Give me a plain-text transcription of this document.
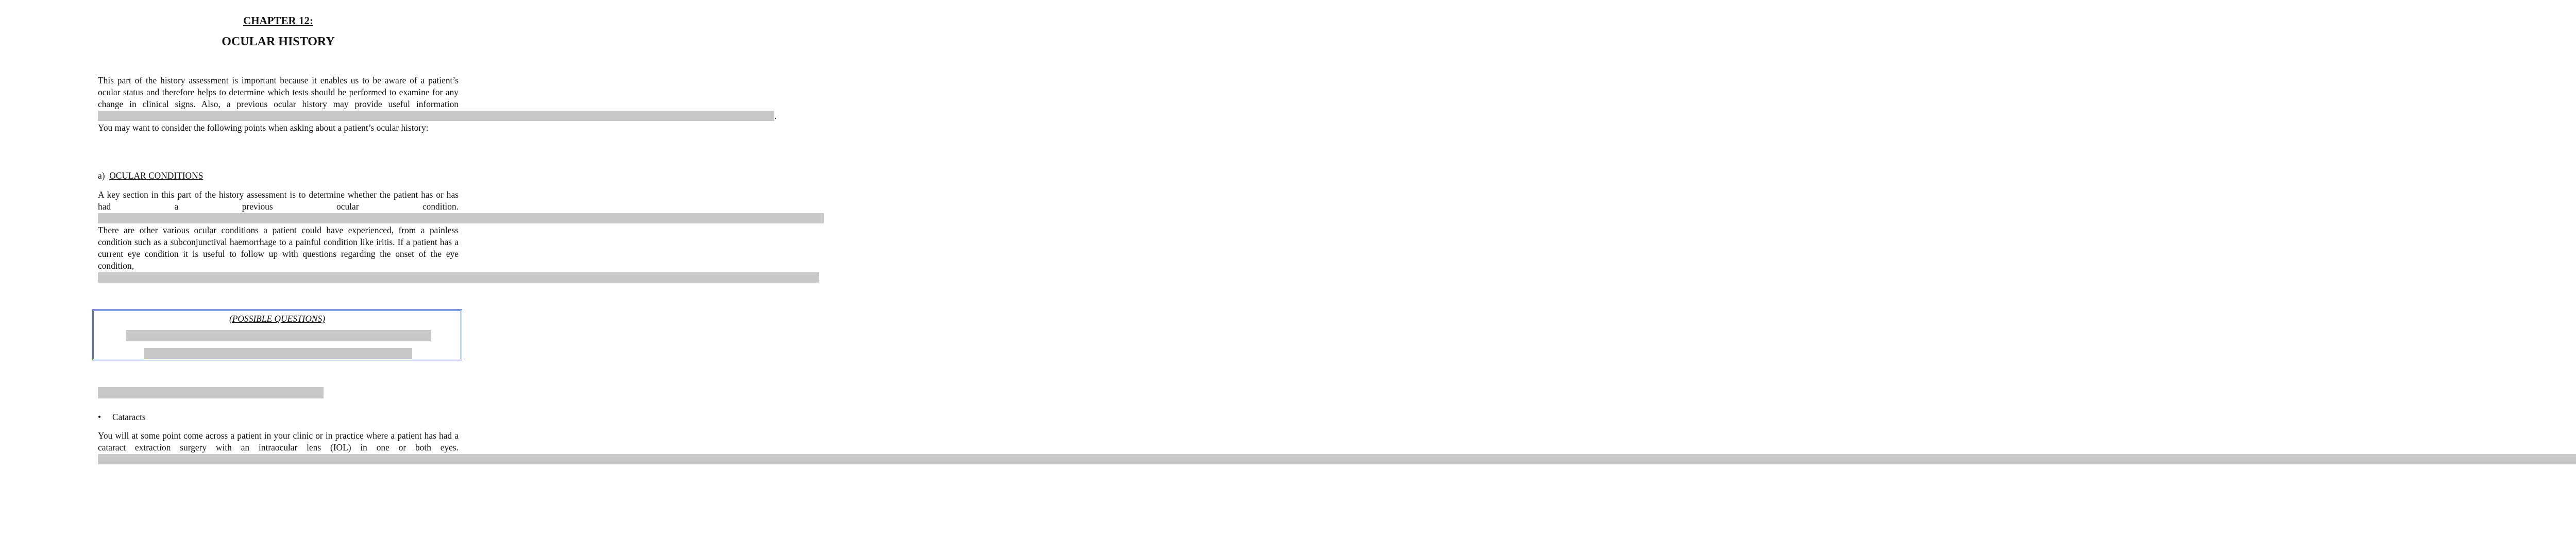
CHAPTER 12:
OCULAR HISTORY
This part of the history assessment is important because it enables us to be aware of a patient’s ocular status and therefore helps to determine which tests should be performed to examine for any change in clinical signs. Also, a previous ocular history may provide useful information . You may want to consider the following points when asking about a patient’s ocular history:
a) OCULAR CONDITIONS
A key section in this part of the history assessment is to determine whether the patient has or has had a previous ocular condition.
There are other various ocular conditions a patient could have experienced, from a painless condition such as a subconjunctival haemorrhage to a painful condition like iritis. If a patient has a current eye condition it is useful to follow up with questions regarding the onset of the eye condition,
(POSSIBLE QUESTIONS)
• Cataracts
You will at some point come across a patient in your clinic or in practice where a patient has had a cataract extraction surgery with an intraocular lens (IOL) in one or both eyes.
